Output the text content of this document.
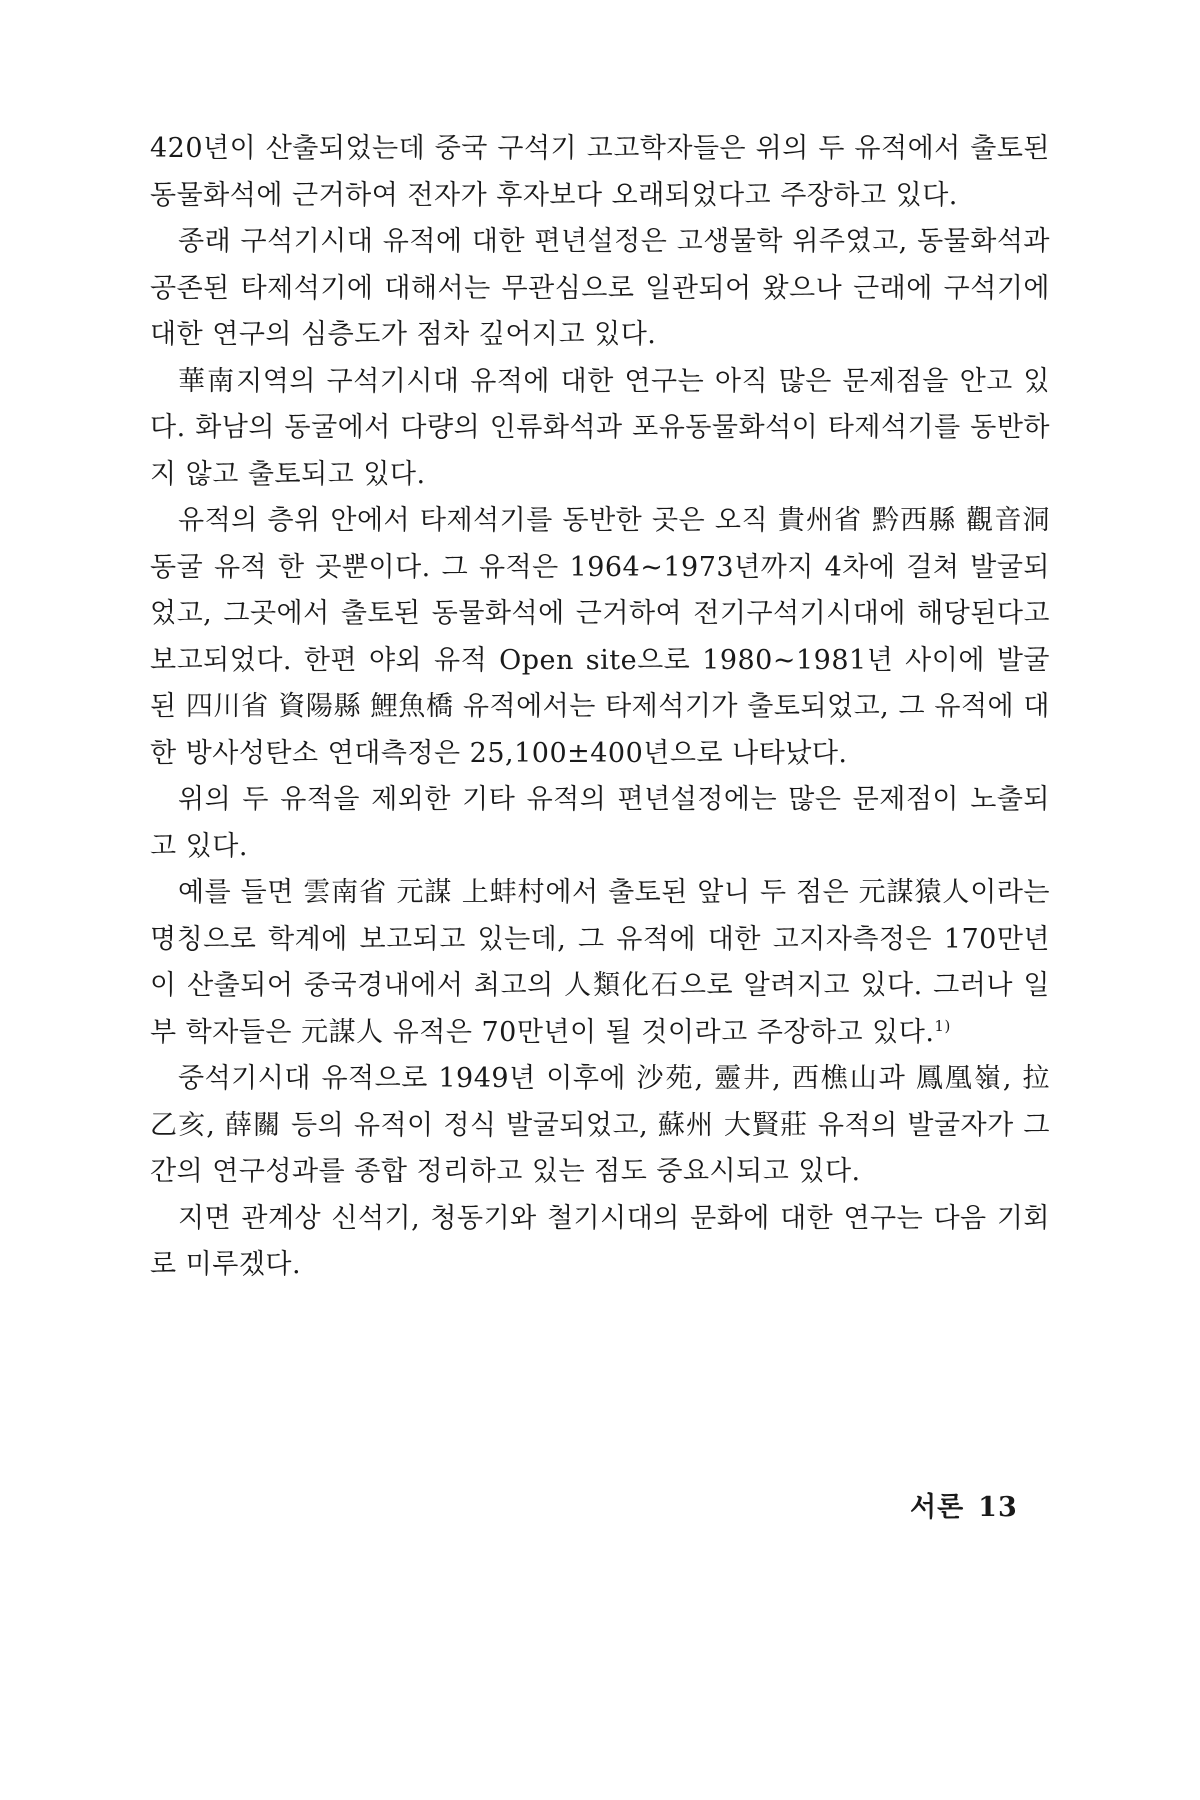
420년이 산출되었는데 중국 구석기 고고학자들은 위의 두 유적에서 출토된 동물화석에 근거하여 전자가 후자보다 오래되었다고 주장하고 있다.

종래 구석기시대 유적에 대한 편년설정은 고생물학 위주였고, 동물화석과 공존된 타제석기에 대해서는 무관심으로 일관되어 왔으나 근래에 구석기에 대한 연구의 심층도가 점차 깊어지고 있다.

華南지역의 구석기시대 유적에 대한 연구는 아직 많은 문제점을 안고 있다. 화남의 동굴에서 다량의 인류화석과 포유동물화석이 타제석기를 동반하지 않고 출토되고 있다.

유적의 층위 안에서 타제석기를 동반한 곳은 오직 貴州省 黔西縣 觀音洞 동굴 유적 한 곳뿐이다. 그 유적은 1964~1973년까지 4차에 걸쳐 발굴되었고, 그곳에서 출토된 동물화석에 근거하여 전기구석기시대에 해당된다고 보고되었다. 한편 야외 유적 Open site으로 1980~1981년 사이에 발굴된 四川省 資陽縣 鯉魚橋 유적에서는 타제석기가 출토되었고, 그 유적에 대한 방사성탄소 연대측정은 25,100±400년으로 나타났다.

위의 두 유적을 제외한 기타 유적의 편년설정에는 많은 문제점이 노출되고 있다.

예를 들면 雲南省 元謀 上蚌村에서 출토된 앞니 두 점은 元謀猿人이라는 명칭으로 학계에 보고되고 있는데, 그 유적에 대한 고지자측정은 170만년이 산출되어 중국경내에서 최고의 人類化石으로 알려지고 있다. 그러나 일부 학자들은 元謀人 유적은 70만년이 될 것이라고 주장하고 있다.$^{1)}$

중석기시대 유적으로 1949년 이후에 沙苑, 靈井, 西樵山과 鳳凰嶺, 拉乙亥, 薛關 등의 유적이 정식 발굴되었고, 蘇州 大賢莊 유적의 발굴자가 그간의 연구성과를 종합 정리하고 있는 점도 중요시되고 있다.

지면 관계상 신석기, 청동기와 철기시대의 문화에 대한 연구는 다음 기회로 미루겠다.

서론 13
